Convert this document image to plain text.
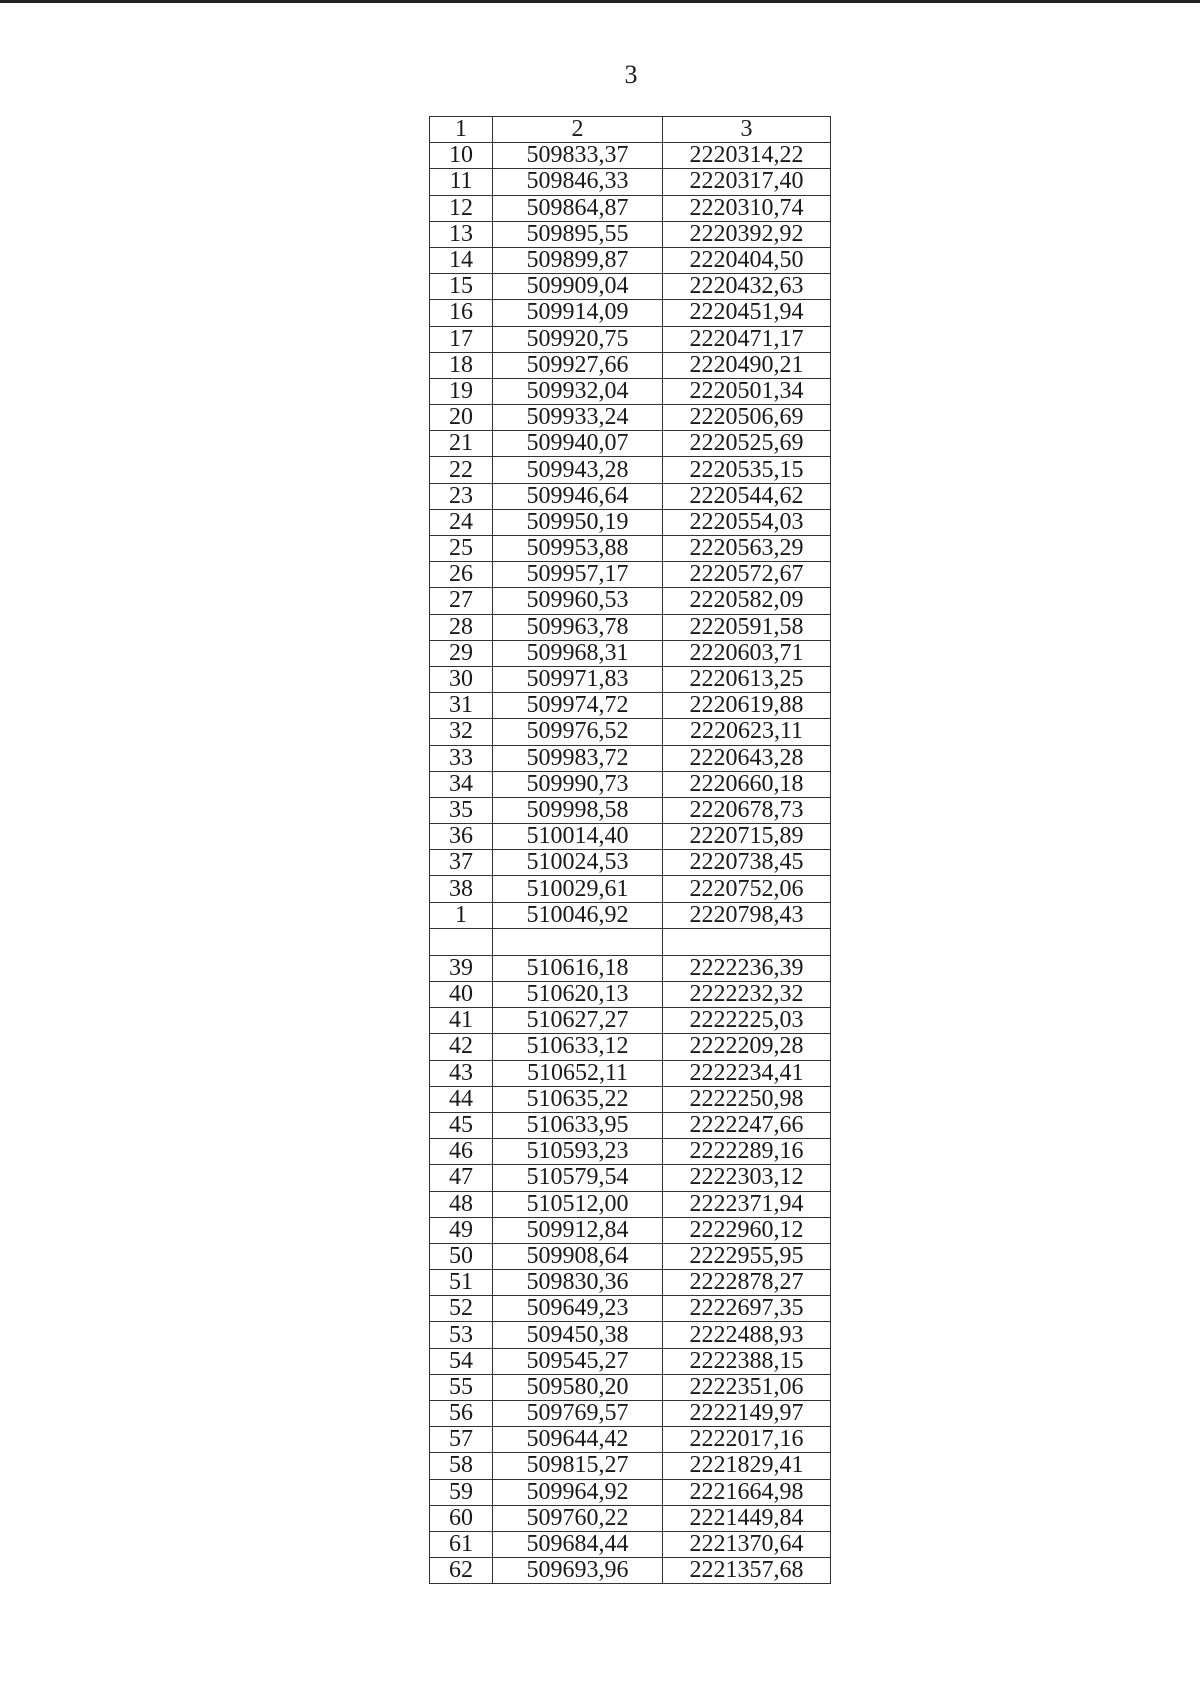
3
1	2	3
10	509833,37	2220314,22
11	509846,33	2220317,40
12	509864,87	2220310,74
13	509895,55	2220392,92
14	509899,87	2220404,50
15	509909,04	2220432,63
16	509914,09	2220451,94
17	509920,75	2220471,17
18	509927,66	2220490,21
19	509932,04	2220501,34
20	509933,24	2220506,69
21	509940,07	2220525,69
22	509943,28	2220535,15
23	509946,64	2220544,62
24	509950,19	2220554,03
25	509953,88	2220563,29
26	509957,17	2220572,67
27	509960,53	2220582,09
28	509963,78	2220591,58
29	509968,31	2220603,71
30	509971,83	2220613,25
31	509974,72	2220619,88
32	509976,52	2220623,11
33	509983,72	2220643,28
34	509990,73	2220660,18
35	509998,58	2220678,73
36	510014,40	2220715,89
37	510024,53	2220738,45
38	510029,61	2220752,06
1	510046,92	2220798,43

39	510616,18	2222236,39
40	510620,13	2222232,32
41	510627,27	2222225,03
42	510633,12	2222209,28
43	510652,11	2222234,41
44	510635,22	2222250,98
45	510633,95	2222247,66
46	510593,23	2222289,16
47	510579,54	2222303,12
48	510512,00	2222371,94
49	509912,84	2222960,12
50	509908,64	2222955,95
51	509830,36	2222878,27
52	509649,23	2222697,35
53	509450,38	2222488,93
54	509545,27	2222388,15
55	509580,20	2222351,06
56	509769,57	2222149,97
57	509644,42	2222017,16
58	509815,27	2221829,41
59	509964,92	2221664,98
60	509760,22	2221449,84
61	509684,44	2221370,64
62	509693,96	2221357,68
